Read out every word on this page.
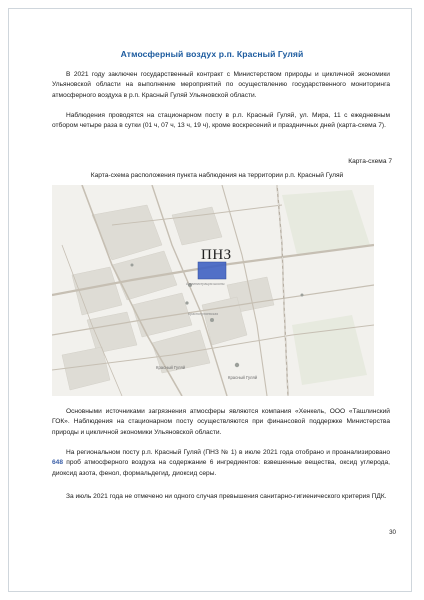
Атмосферный воздух р.п. Красный Гуляй

В 2021 году заключен государственный контракт с Министерством природы и цикличной экономики Ульяновской области на выполнение мероприятий по осуществлению государственного мониторинга атмосферного воздуха в р.п. Красный Гуляй Ульяновской области.

Наблюдения проводятся на стационарном посту в р.п. Красный Гуляй, ул. Мира, 11 с ежедневным отбором четыре раза в сутки (01 ч, 07 ч, 13 ч, 19 ч), кроме воскресений и праздничных дней (карта-схема 7).

Карта-схема 7
Карта-схема расположения пункта наблюдения на территории р.п. Красный Гуляй
Администрация школы
Красногуляевская
ПНЗ
Красный Гуляй
Красный Гуляй

Основными источниками загрязнения атмосферы являются компания «Хенкель, ООО «Ташлинский ГОК». Наблюдения на стационарном посту осуществляются при финансовой поддержке Министерства природы и цикличной экономики Ульяновской области.

На региональном посту р.п. Красный Гуляй (ПНЗ № 1) в июле 2021 года отобрано и проанализировано 648 проб атмосферного воздуха на содержание 6 ингредиентов: взвешенные вещества, оксид углерода, диоксид азота, фенол, формальдегид, диоксид серы.

За июль 2021 года не отмечено ни одного случая превышения санитарно-гигиенического критерия ПДК.

30
